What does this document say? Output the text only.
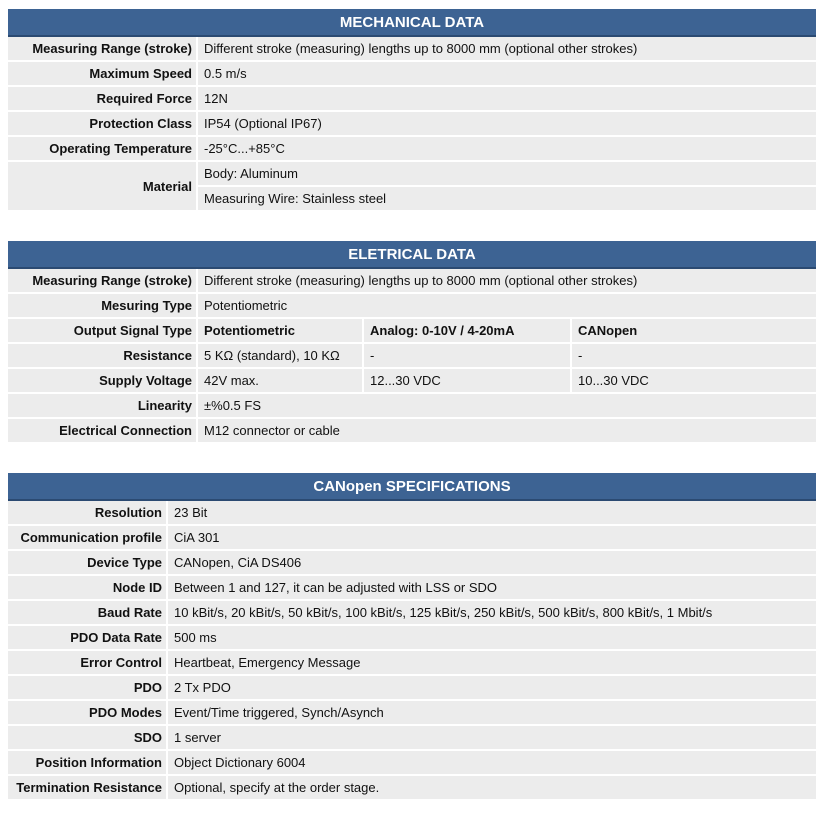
MECHANICAL DATA
Measuring Range (stroke)	Different stroke (measuring) lengths up to 8000 mm (optional other strokes)
Maximum Speed	0.5 m/s
Required Force	12N
Protection Class	IP54 (Optional IP67)
Operating Temperature	-25°C...+85°C
Material	Body: Aluminum
	Measuring Wire: Stainless steel
ELETRICAL DATA
Measuring Range (stroke)	Different stroke (measuring) lengths up to 8000 mm (optional other strokes)		
Mesuring Type	Potentiometric		
Output Signal Type	Potentiometric	Analog: 0-10V / 4-20mA	CANopen
Resistance	5 KΩ (standard), 10 KΩ	-	-
Supply Voltage	42V max.	12...30 VDC	10...30 VDC
Linearity	±%0.5 FS		
Electrical Connection	M12 connector or cable		
CANopen SPECIFICATIONS
Resolution	23 Bit
Communication profile	CiA 301
Device Type	CANopen, CiA DS406
Node ID	Between 1 and 127, it can be adjusted with LSS or SDO
Baud Rate	10 kBit/s, 20 kBit/s, 50 kBit/s, 100 kBit/s, 125 kBit/s, 250 kBit/s, 500 kBit/s, 800 kBit/s, 1 Mbit/s
PDO Data Rate	500 ms
Error Control	Heartbeat, Emergency Message
PDO	2 Tx PDO
PDO Modes	Event/Time triggered, Synch/Asynch
SDO	1 server
Position Information	Object Dictionary 6004
Termination Resistance	Optional, specify at the order stage.
